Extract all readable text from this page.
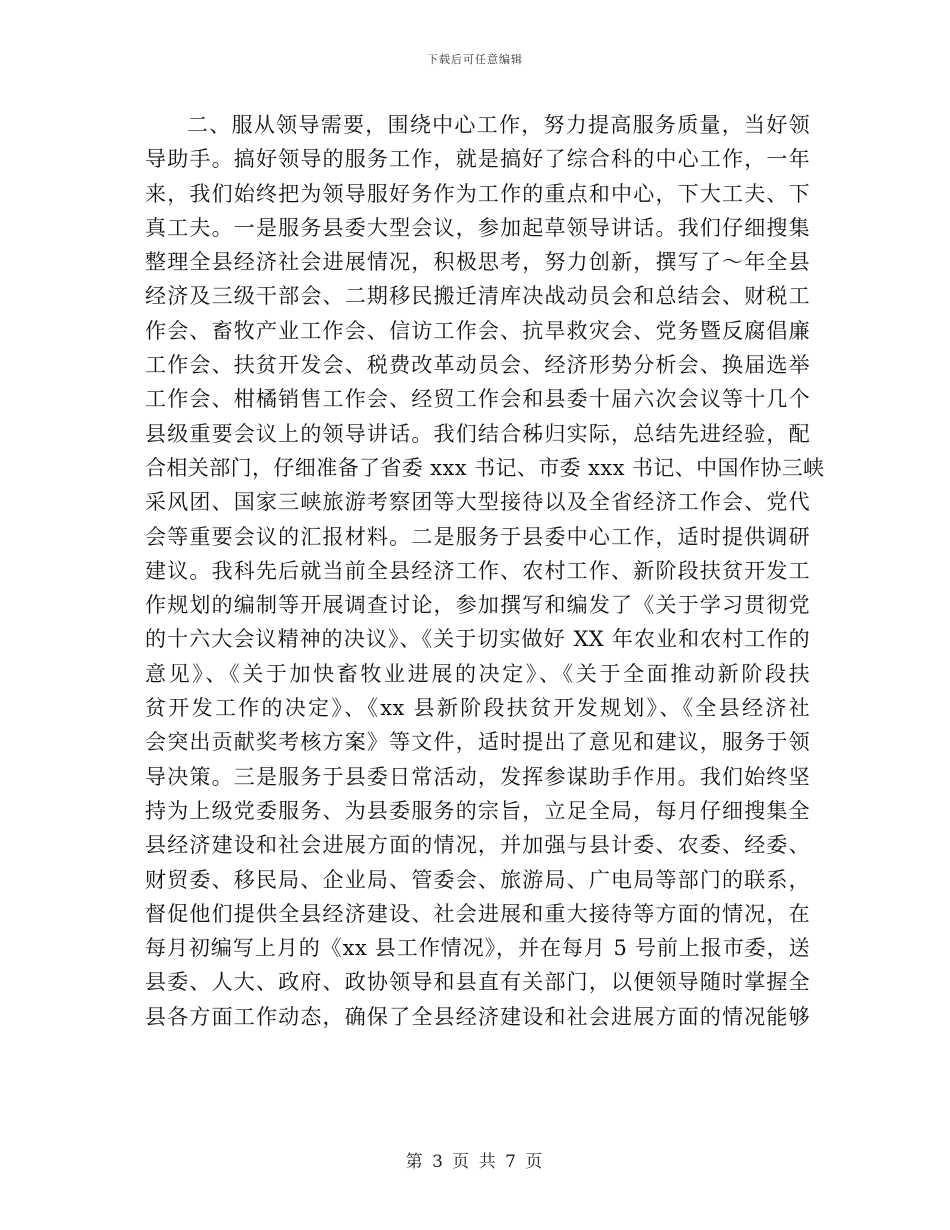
下载后可任意编辑
二、服从领导需要，围绕中心工作，努力提高服务质量，当好领
导助手。搞好领导的服务工作，就是搞好了综合科的中心工作，一年
来，我们始终把为领导服好务作为工作的重点和中心，下大工夫、下
真工夫。一是服务县委大型会议，参加起草领导讲话。我们仔细搜集
整理全县经济社会进展情况，积极思考，努力创新，撰写了～年全县
经济及三级干部会、二期移民搬迁清库决战动员会和总结会、财税工
作会、畜牧产业工作会、信访工作会、抗旱救灾会、党务暨反腐倡廉
工作会、扶贫开发会、税费改革动员会、经济形势分析会、换届选举
工作会、柑橘销售工作会、经贸工作会和县委十届六次会议等十几个
县级重要会议上的领导讲话。我们结合秭归实际，总结先进经验，配
合相关部门，仔细准备了省委 xxx 书记、市委 xxx 书记、中国作协三峡
采风团、国家三峡旅游考察团等大型接待以及全省经济工作会、党代
会等重要会议的汇报材料。二是服务于县委中心工作，适时提供调研
建议。我科先后就当前全县经济工作、农村工作、新阶段扶贫开发工
作规划的编制等开展调查讨论，参加撰写和编发了《关于学习贯彻党
的十六大会议精神的决议》、《关于切实做好 XX 年农业和农村工作的
意见》、《关于加快畜牧业进展的决定》、《关于全面推动新阶段扶
贫开发工作的决定》、《xx 县新阶段扶贫开发规划》、《全县经济社
会突出贡献奖考核方案》等文件，适时提出了意见和建议，服务于领
导决策。三是服务于县委日常活动，发挥参谋助手作用。我们始终坚
持为上级党委服务、为县委服务的宗旨，立足全局，每月仔细搜集全
县经济建设和社会进展方面的情况，并加强与县计委、农委、经委、
财贸委、移民局、企业局、管委会、旅游局、广电局等部门的联系，
督促他们提供全县经济建设、社会进展和重大接待等方面的情况，在
每月初编写上月的《xx 县工作情况》，并在每月 5 号前上报市委，送
县委、人大、政府、政协领导和县直有关部门，以便领导随时掌握全
县各方面工作动态，确保了全县经济建设和社会进展方面的情况能够
第 3 页 共 7 页
